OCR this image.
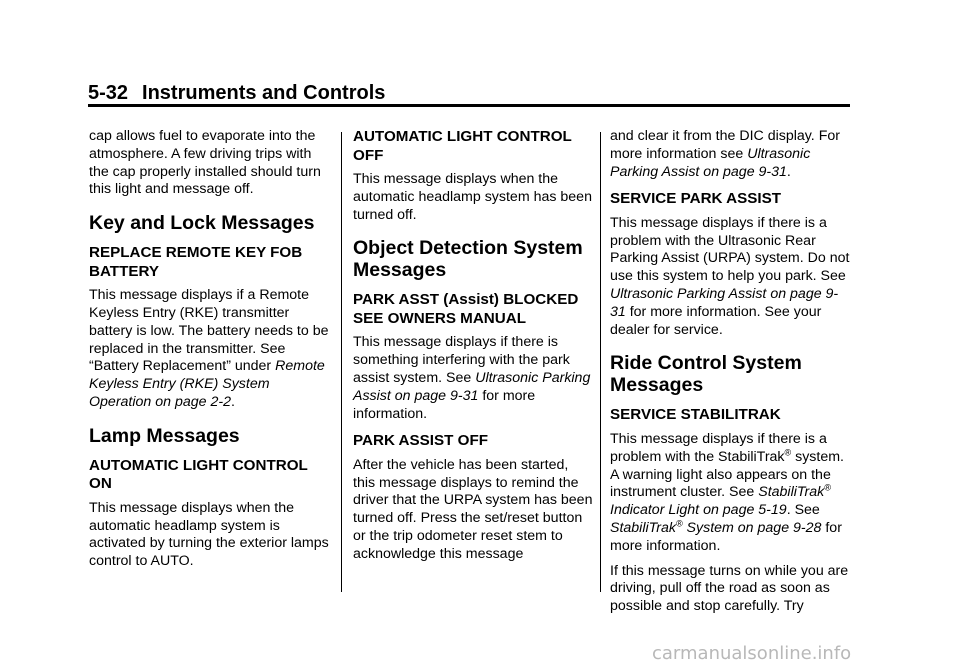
5-32 Instruments and Controls

cap allows fuel to evaporate into the atmosphere. A few driving trips with the cap properly installed should turn this light and message off.

Key and Lock Messages
REPLACE REMOTE KEY FOB BATTERY

This message displays if a Remote Keyless Entry (RKE) transmitter battery is low. The battery needs to be replaced in the transmitter. See “Battery Replacement” under Remote Keyless Entry (RKE) System Operation on page 2-2.

Lamp Messages
AUTOMATIC LIGHT CONTROL ON

This message displays when the automatic headlamp system is activated by turning the exterior lamps control to AUTO.

AUTOMATIC LIGHT CONTROL OFF

This message displays when the automatic headlamp system has been turned off.

Object Detection System Messages
PARK ASST (Assist) BLOCKED SEE OWNERS MANUAL

This message displays if there is something interfering with the park assist system. See Ultrasonic Parking Assist on page 9-31 for more information.

PARK ASSIST OFF

After the vehicle has been started, this message displays to remind the driver that the URPA system has been turned off. Press the set/reset button or the trip odometer reset stem to acknowledge this message

and clear it from the DIC display. For more information see Ultrasonic Parking Assist on page 9-31.

SERVICE PARK ASSIST

This message displays if there is a problem with the Ultrasonic Rear Parking Assist (URPA) system. Do not use this system to help you park. See Ultrasonic Parking Assist on page 9-31 for more information. See your dealer for service.

Ride Control System Messages
SERVICE STABILITRAK

This message displays if there is a problem with the StabiliTrak® system. A warning light also appears on the instrument cluster. See StabiliTrak® Indicator Light on page 5-19. See StabiliTrak® System on page 9-28 for more information.

If this message turns on while you are driving, pull off the road as soon as possible and stop carefully. Try

carmanualsonline.info
